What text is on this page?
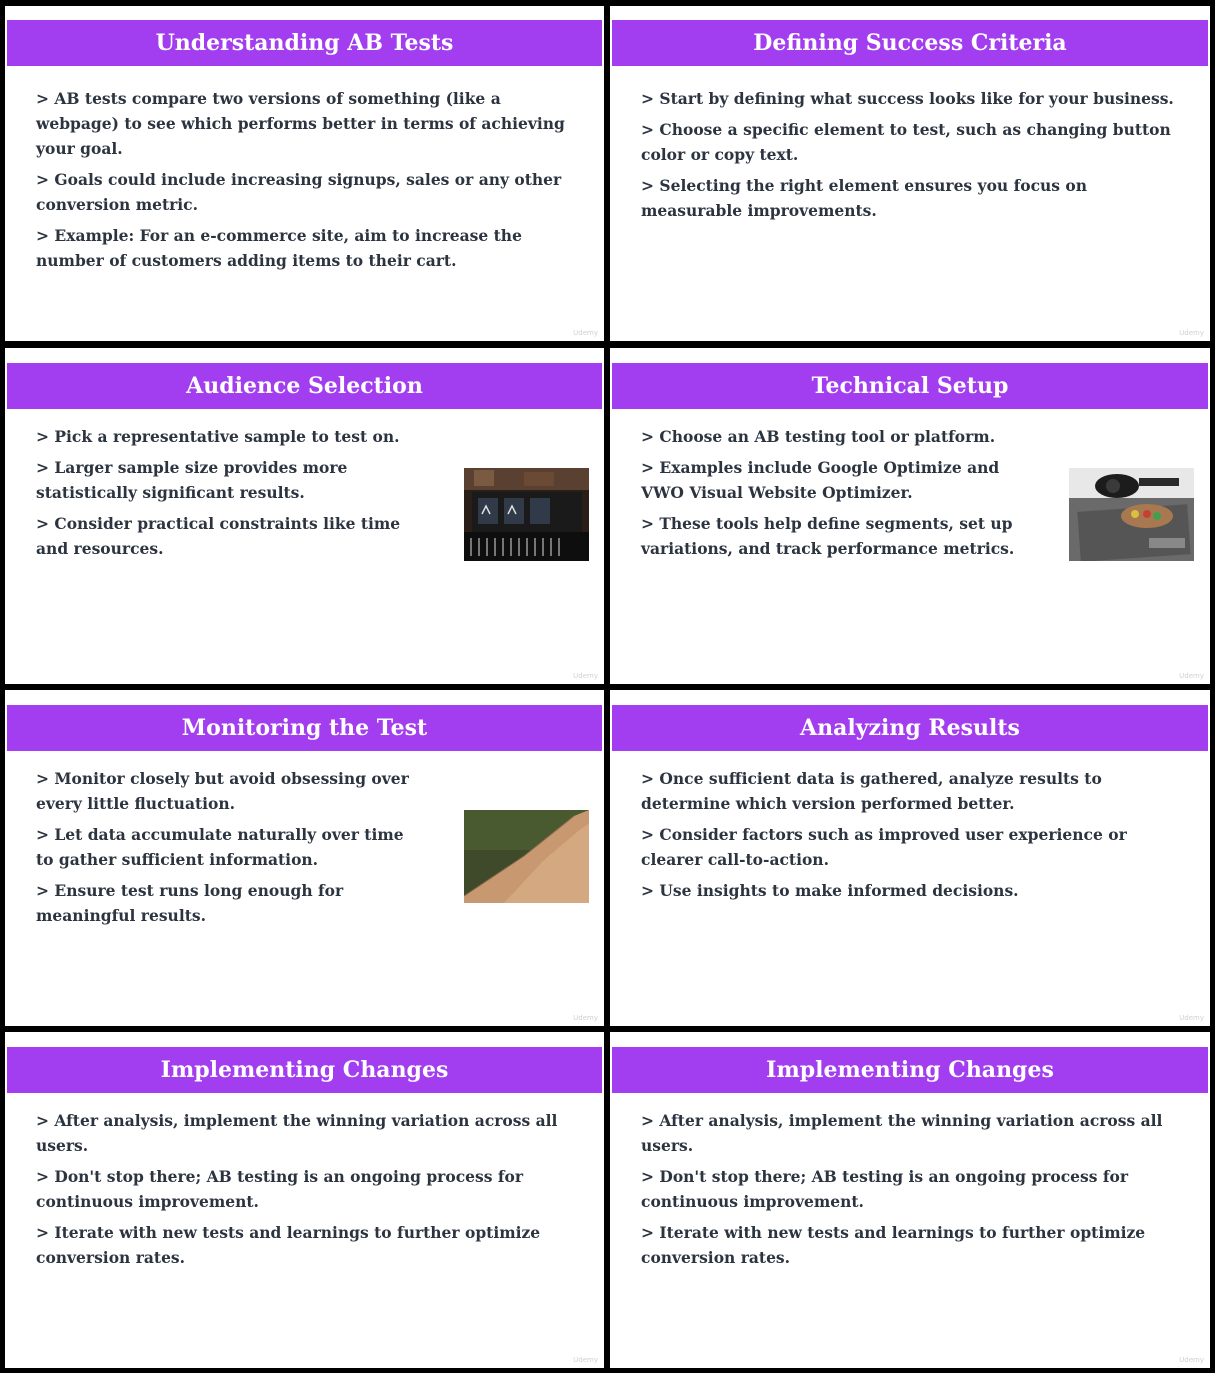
Understanding AB Tests

> AB tests compare two versions of something (like a webpage) to see which performs better in terms of achieving your goal.

> Goals could include increasing signups, sales or any other conversion metric.

> Example: For an e-commerce site, aim to increase the number of customers adding items to their cart.

Udemy
Defining Success Criteria

> Start by defining what success looks like for your business.

> Choose a specific element to test, such as changing button color or copy text.

> Selecting the right element ensures you focus on measurable improvements.

Udemy
Audience Selection

> Pick a representative sample to test on.

> Larger sample size provides more statistically significant results.

> Consider practical constraints like time and resources.

Udemy
Technical Setup

> Choose an AB testing tool or platform.

> Examples include Google Optimize and VWO Visual Website Optimizer.

> These tools help define segments, set up variations, and track performance metrics.

Udemy
Monitoring the Test

> Monitor closely but avoid obsessing over every little fluctuation.

> Let data accumulate naturally over time to gather sufficient information.

> Ensure test runs long enough for meaningful results.

Udemy
Analyzing Results

> Once sufficient data is gathered, analyze results to determine which version performed better.

> Consider factors such as improved user experience or clearer call-to-action.

> Use insights to make informed decisions.

Udemy
Implementing Changes

> After analysis, implement the winning variation across all users.

> Don't stop there; AB testing is an ongoing process for continuous improvement.

> Iterate with new tests and learnings to further optimize conversion rates.

Udemy
Implementing Changes

> After analysis, implement the winning variation across all users.

> Don't stop there; AB testing is an ongoing process for continuous improvement.

> Iterate with new tests and learnings to further optimize conversion rates.

Udemy
